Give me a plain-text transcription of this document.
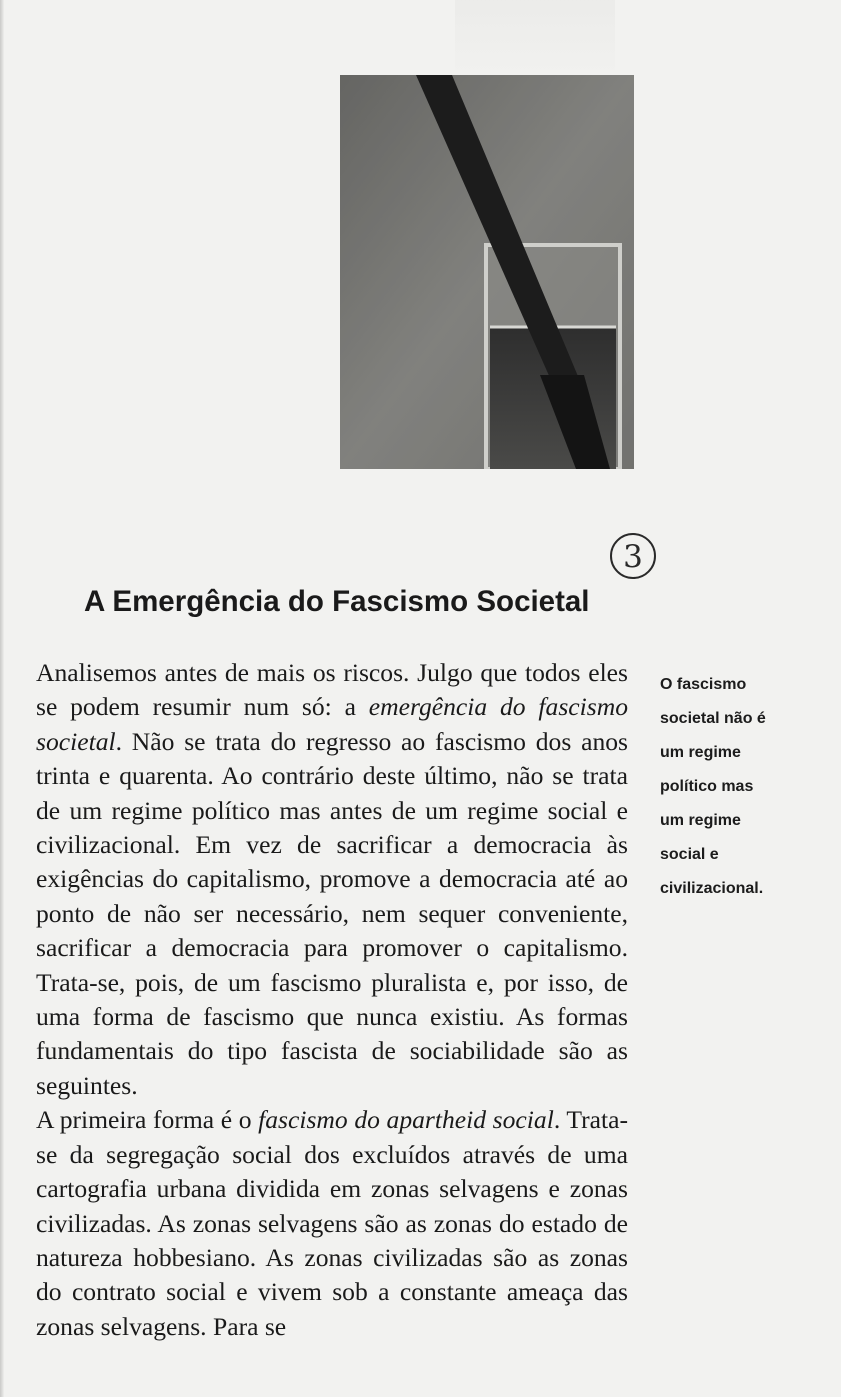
3
A Emergência do Fascismo Societal

Analisemos antes de mais os riscos. Julgo que todos eles se podem resumir num só: a emergência do fascismo societal. Não se trata do regresso ao fascismo dos anos trinta e quarenta. Ao contrário deste último, não se trata de um regime político mas antes de um regime social e civilizacional. Em vez de sacrificar a democracia às exigências do capitalismo, promove a democracia até ao ponto de não ser necessário, nem sequer conveniente, sacrificar a democracia para promover o capitalismo. Trata-se, pois, de um fascismo pluralista e, por isso, de uma forma de fascismo que nunca existiu. As formas fundamentais do tipo fascista de sociabilidade são as seguintes.

A primeira forma é o fascismo do apartheid social. Trata-se da segregação social dos excluídos através de uma cartografia urbana dividida em zonas selvagens e zonas civilizadas. As zonas selvagens são as zonas do estado de natureza hobbesiano. As zonas civilizadas são as zonas do contrato social e vivem sob a constante ameaça das zonas selvagens. Para se

O fascismo
societal não é
um regime
político mas
um regime
social e
civilizacional.
